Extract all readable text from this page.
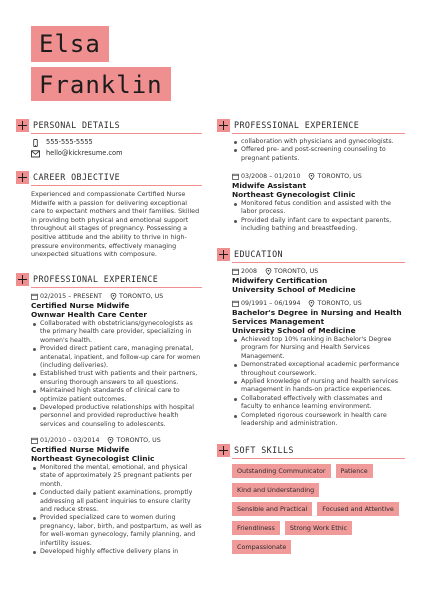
Elsa
Franklin
PERSONAL DETAILS
555-555-5555
hello@kickresume.com
CAREER OBJECTIVE
Experienced and compassionate Certified Nurse Midwife with a passion for delivering exceptional care to expectant mothers and their families. Skilled in providing both physical and emotional support throughout all stages of pregnancy. Possessing a positive attitude and the ability to thrive in high-pressure environments, effectively managing unexpected situations with composure.
PROFESSIONAL EXPERIENCE
02/2015 – PRESENT	TORONTO, US
Certified Nurse Midwife
Ownwar Health Care Center
Collaborated with obstetricians/gynecologists as the primary health care provider, specializing in women's health.
Provided direct patient care, managing prenatal, antenatal, inpatient, and follow-up care for women (including deliveries).
Established trust with patients and their partners, ensuring thorough answers to all questions.
Maintained high standards of clinical care to optimize patient outcomes.
Developed productive relationships with hospital personnel and provided reproductive health services and counseling to adolescents.
01/2010 – 03/2014	TORONTO, US
Certified Nurse Midwife
Northeast Gynecologist Clinic
Monitored the mental, emotional, and physical state of approximately 25 pregnant patients per month.
Conducted daily patient examinations, promptly addressing all patient inquiries to ensure clarity and reduce stress.
Provided specialized care to women during pregnancy, labor, birth, and postpartum, as well as for well-woman gynecology, family planning, and infertility issues.
Developed highly effective delivery plans in
PROFESSIONAL EXPERIENCE
collaboration with physicians and gynecologists.
Offered pre- and post-screening counseling to pregnant patients.
03/2008 – 01/2010	TORONTO, US
Midwife Assistant
Northeast Gynecologist Clinic
Monitored fetus condition and assisted with the labor process.
Provided daily infant care to expectant parents, including bathing and breastfeeding.
EDUCATION
2008	TORONTO, US
Midwifery Certification
University School of Medicine
09/1991 – 06/1994	TORONTO, US
Bachelor's Degree in Nursing and Health Services Management
University School of Medicine
Achieved top 10% ranking in Bachelor's Degree program for Nursing and Health Services Management.
Demonstrated exceptional academic performance throughout coursework.
Applied knowledge of nursing and health services management in hands-on practice experiences.
Collaborated effectively with classmates and faculty to enhance learning environment.
Completed rigorous coursework in health care leadership and administration.
SOFT SKILLS
Outstanding Communicator	Patience
Kind and Understanding
Sensible and Practical	Focused and Attentive
Friendliness	Strong Work Ethic
Compassionate
